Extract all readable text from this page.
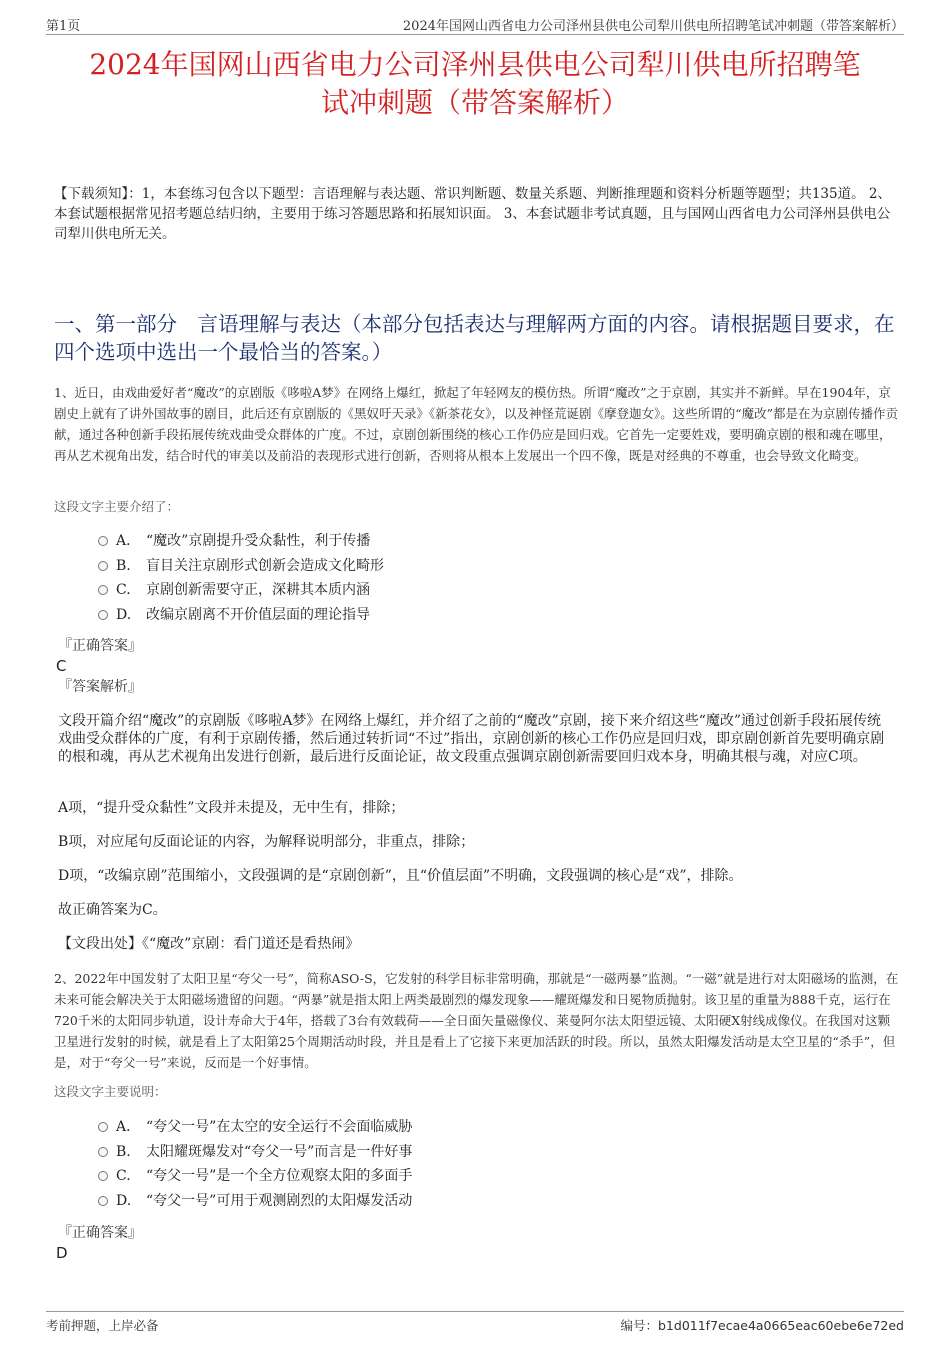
第1页	2024年国网山西省电力公司泽州县供电公司犁川供电所招聘笔试冲刺题（带答案解析）
2024年国网山西省电力公司泽州县供电公司犁川供电所招聘笔
试冲刺题（带答案解析）
【下载须知】：1，本套练习包含以下题型：言语理解与表达题、常识判断题、数量关系题、判断推理题和资料分析题等题型；共135道。 2、本套试题根据常见招考题总结归纳，主要用于练习答题思路和拓展知识面。 3、本套试题非考试真题，且与国网山西省电力公司泽州县供电公司犁川供电所无关。
一、第一部分　言语理解与表达（本部分包括表达与理解两方面的内容。请根据题目要求，在四个选项中选出一个最恰当的答案。）
1、近日，由戏曲爱好者“魔改”的京剧版《哆啦A梦》在网络上爆红，掀起了年轻网友的模仿热。所谓“魔改”之于京剧，其实并不新鲜。早在1904年，京剧史上就有了讲外国故事的剧目，此后还有京剧版的《黑奴吁天录》《新茶花女》，以及神怪荒诞剧《摩登迦女》。这些所谓的“魔改”都是在为京剧传播作贡献，通过各种创新手段拓展传统戏曲受众群体的广度。不过，京剧创新围绕的核心工作仍应是回归戏。它首先一定要姓戏，要明确京剧的根和魂在哪里，再从艺术视角出发，结合时代的审美以及前沿的表现形式进行创新，否则将从根本上发展出一个四不像，既是对经典的不尊重，也会导致文化畸变。
这段文字主要介绍了：
A． “魔改”京剧提升受众黏性，利于传播
B. 盲目关注京剧形式创新会造成文化畸形
C. 京剧创新需要守正，深耕其本质内涵
D. 改编京剧离不开价值层面的理论指导
『正确答案』
C
『答案解析』
文段开篇介绍“魔改”的京剧版《哆啦A梦》在网络上爆红，并介绍了之前的“魔改”京剧，接下来介绍这些“魔改”通过创新手段拓展传统戏曲受众群体的广度，有利于京剧传播，然后通过转折词“不过”指出，京剧创新的核心工作仍应是回归戏，即京剧创新首先要明确京剧的根和魂，再从艺术视角出发进行创新，最后进行反面论证，故文段重点强调京剧创新需要回归戏本身，明确其根与魂，对应C项。
A项，“提升受众黏性”文段并未提及，无中生有，排除；
B项，对应尾句反面论证的内容，为解释说明部分，非重点，排除；
D项，“改编京剧”范围缩小，文段强调的是“京剧创新”，且“价值层面”不明确，文段强调的核心是“戏”，排除。
故正确答案为C。
【文段出处】《“魔改”京剧：看门道还是看热闹》
2、2022年中国发射了太阳卫星“夸父一号”，简称ASO-S，它发射的科学目标非常明确，那就是“一磁两暴”监测。“一磁”就是进行对太阳磁场的监测，在未来可能会解决关于太阳磁场遗留的问题。“两暴”就是指太阳上两类最剧烈的爆发现象——耀斑爆发和日冕物质抛射。该卫星的重量为888千克，运行在720千米的太阳同步轨道，设计寿命大于4年，搭载了3台有效载荷——全日面矢量磁像仪、莱曼阿尔法太阳望远镜、太阳硬X射线成像仪。在我国对这颗卫星进行发射的时候，就是看上了太阳第25个周期活动时段，并且是看上了它接下来更加活跃的时段。所以，虽然太阳爆发活动是太空卫星的“杀手”，但是，对于“夸父一号”来说，反而是一个好事情。
这段文字主要说明：
A． “夸父一号”在太空的安全运行不会面临威胁
B. 太阳耀斑爆发对“夸父一号”而言是一件好事
C. “夸父一号”是一个全方位观察太阳的多面手
D. “夸父一号”可用于观测剧烈的太阳爆发活动
『正确答案』
D
考前押题，上岸必备	编号：b1d011f7ecae4a0665eac60ebe6e72ed
